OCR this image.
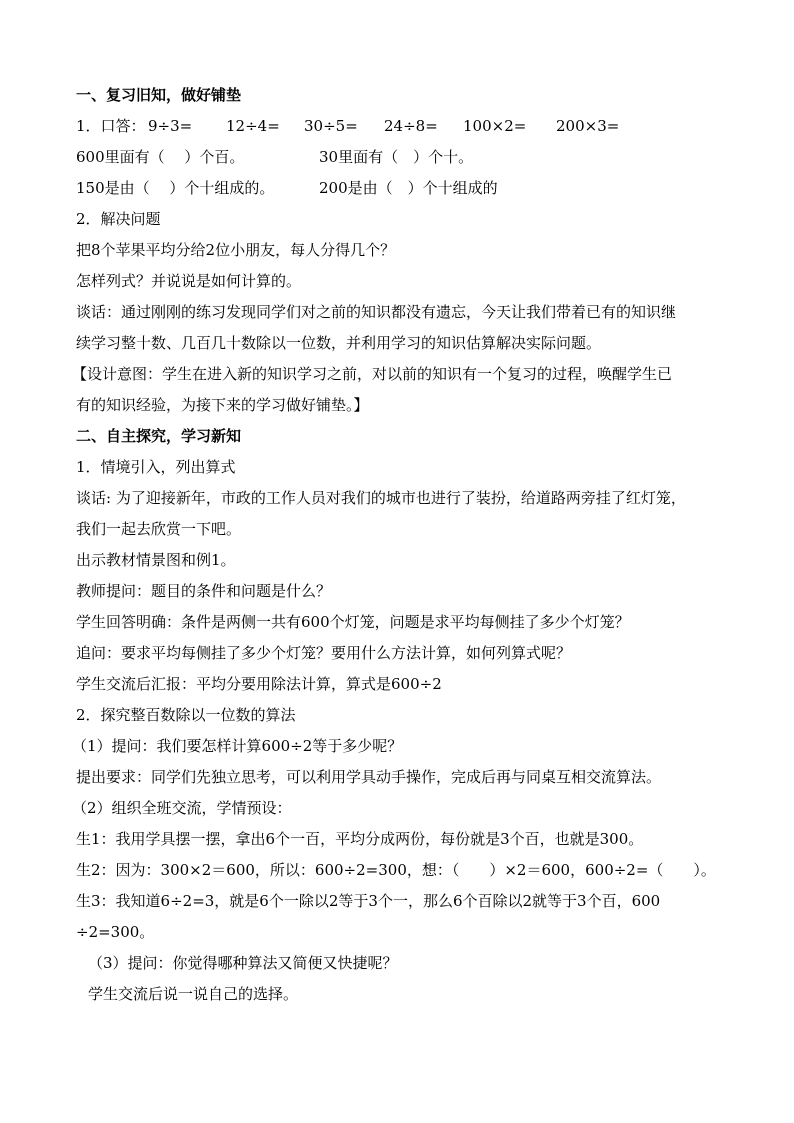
一、复习旧知，做好铺垫
1．口答： 9÷3=	12÷4=	30÷5=	24÷8=	100×2=	200×3=
600里面有（　 ）个百。	30里面有（　）个十。
150是由（　 ）个十组成的。	200是由（　）个十组成的
2．解决问题
把8个苹果平均分给2位小朋友，每人分得几个？
怎样列式？并说说是如何计算的。
谈话：通过刚刚的练习发现同学们对之前的知识都没有遗忘，今天让我们带着已有的知识继
续学习整十数、几百几十数除以一位数，并利用学习的知识估算解决实际问题。
【设计意图：学生在进入新的知识学习之前，对以前的知识有一个复习的过程，唤醒学生已
有的知识经验，为接下来的学习做好铺垫。】
二、自主探究，学习新知
1．情境引入，列出算式
谈话: 为了迎接新年，市政的工作人员对我们的城市也进行了装扮，给道路两旁挂了红灯笼，
我们一起去欣赏一下吧。
出示教材情景图和例1。
教师提问：题目的条件和问题是什么？
学生回答明确：条件是两侧一共有600个灯笼，问题是求平均每侧挂了多少个灯笼？
追问：要求平均每侧挂了多少个灯笼？要用什么方法计算，如何列算式呢？
学生交流后汇报：平均分要用除法计算，算式是600÷2
2．探究整百数除以一位数的算法
（1）提问：我们要怎样计算600÷2等于多少呢？
提出要求：同学们先独立思考，可以利用学具动手操作，完成后再与同桌互相交流算法。
（2）组织全班交流，学情预设：
生1：我用学具摆一摆，拿出6个一百，平均分成两份，每份就是3个百，也就是300。
生2：因为：300×2＝600，所以：600÷2=300，想：（　　）×2＝600，600÷2=（　　）。
生3：我知道6÷2=3，就是6个一除以2等于3个一，那么6个百除以2就等于3个百，600
÷2=300。
（3）提问：你觉得哪种算法又简便又快捷呢？
学生交流后说一说自己的选择。
